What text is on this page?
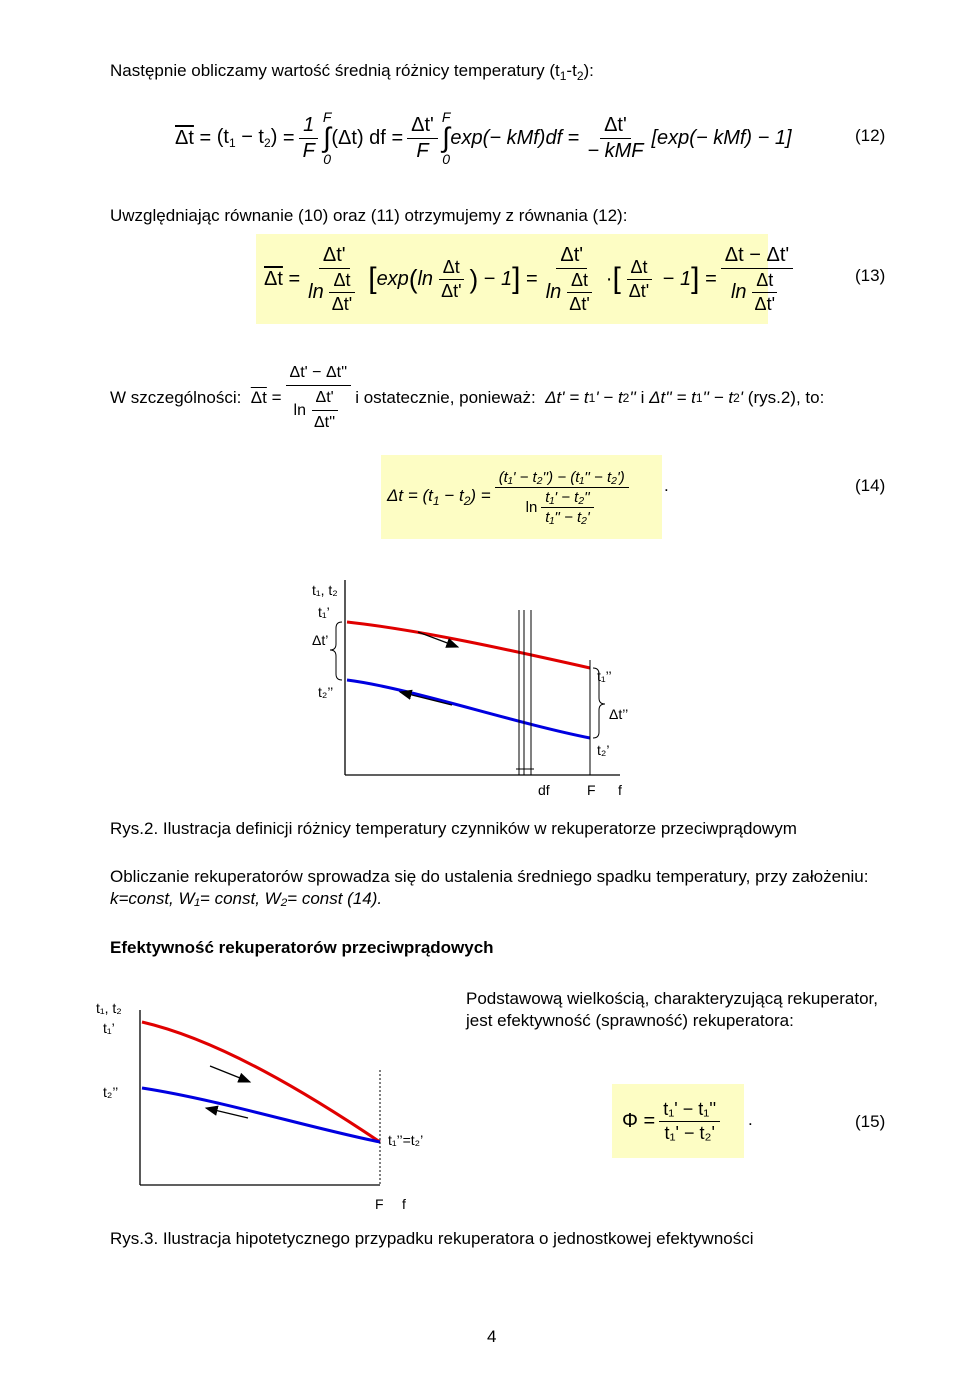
Następnie obliczamy wartość średnią różnicy temperatury $(t_1-t_2)$:
$\overline{\Delta t}$
=
$(t_1 - t_2)$
= $\frac{1}{F}$ F
∫
0
(Δt) df
= $\frac{\Delta t'}{F}$ F
∫
0
exp(− kMf)df
= $\frac{\Delta t'}{\text{− kMF}} [\exp(- kMf) - 1]$	(12)
Uwzględniając równanie (10) oraz (11) otrzymujemy z równania (12):
$\overline{\Delta t} = \frac{\Delta t'}{\ln \frac{\Delta t}{\Delta t'}}$ [ exp ( $\ln \frac{\Delta t}{\Delta t'}$ ) − 1 ] = $\frac{\Delta t'}{\ln \frac{\Delta t}{\Delta t'}}$ · [ $\frac{\Delta t}{\Delta t'} - 1$ ] = $\frac{\Delta t - \Delta t'}{\ln \frac{\Delta t}{\Delta t'}}$	(13)
W szczególności:
$\overline{\Delta t} = \frac{\Delta t' - \Delta t''}{\ln \frac{\Delta t'}{\Delta t''}}$ i ostatecznie, ponieważ:
Δt' = t 1 ' − t 2 ''
i
Δt'' = t 1 '' − t 2 '
(rys.2), to:
$\Delta t = (t_1 - t_2) = \frac{\text{(t₁' − t₂'') − (t₁'' − t₂')}}{\ln \frac{\text{t₁' − t₂''}}{\text{t₁'' − t₂'}}}$ .	(14)
t₁, t₂
t₁’
Δt’
t₂’’
t₁’’
Δt’’
t₂’
df	F f
Rys.2. Ilustracja definicji różnicy temperatury czynników w rekuperatorze przeciwprądowym
Obliczanie rekuperatorów sprowadza się do ustalenia średniego spadku temperatury, przy założeniu:
k=const, W₁= const, W₂= const (14).
Efektywność rekuperatorów przeciwprądowych
t₁, t₂
t₁’
t₂’’
t₁’’=t₂’
F f
Podstawową wielkością, charakteryzującą rekuperator,
jest efektywność (sprawność) rekuperatora:
$\Phi = \frac{\text{t₁' − t₁''}}{\text{t₁' − t₂'}}$ .	(15)
Rys.3. Ilustracja hipotetycznego przypadku rekuperatora o jednostkowej efektywności
4
